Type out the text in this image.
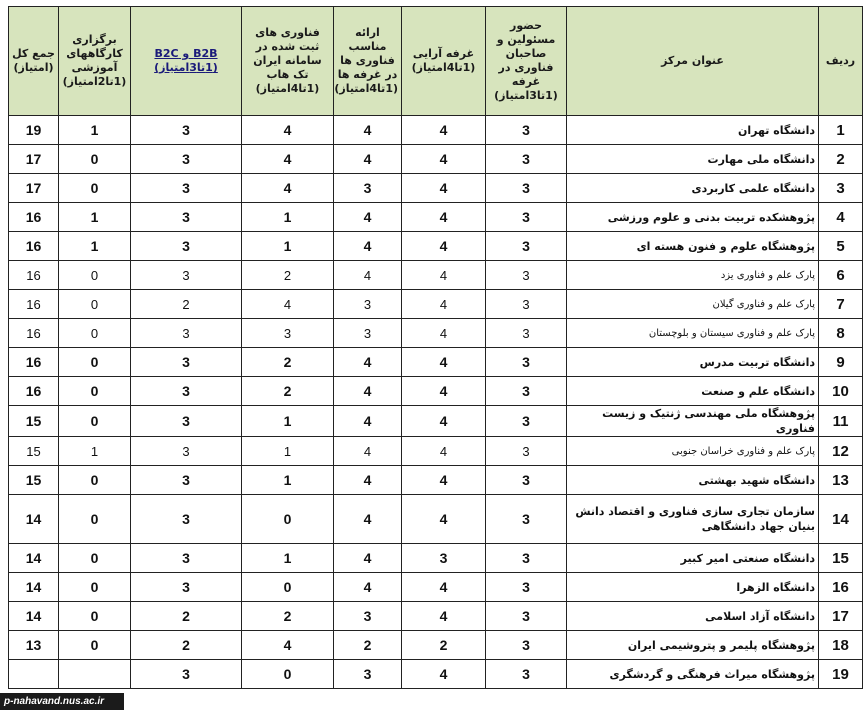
ردیف	عنوان مرکز	حضور مسئولین و صاحبان فناوری در غرفه (1تا3امتیاز)	غرفه آرایی (1تا4امتیاز)	ارائه مناسب فناوری ها در غرفه ها (1تا4امتیاز)	فناوری های ثبت شده در سامانه ایران تک هاب (1تا4امتیاز)	B2B و B2C (1تا3امتیاز)	برگزاری کارگاههای آموزشی (1تا2امتیاز)	جمع کل (امتیاز)
1	دانشگاه تهران	3	4	4	4	3	1	19
2	دانشگاه ملی مهارت	3	4	4	4	3	0	17
3	دانشگاه علمی کاربردی	3	4	3	4	3	0	17
4	پژوهشکده تربیت بدنی و علوم ورزشی	3	4	4	1	3	1	16
5	پژوهشگاه علوم و فنون هسته ای	3	4	4	1	3	1	16
6	پارک علم و فناوری یزد	3	4	4	2	3	0	16
7	پارک علم و فناوری گیلان	3	4	3	4	2	0	16
8	پارک علم و فناوری سیستان و بلوچستان	3	4	3	3	3	0	16
9	دانشگاه تربیت مدرس	3	4	4	2	3	0	16
10	دانشگاه علم و صنعت	3	4	4	2	3	0	16
11	پژوهشگاه ملی مهندسی ژنتیک و زیست فناوری	3	4	4	1	3	0	15
12	پارک علم و فناوری خراسان جنوبی	3	4	4	1	3	1	15
13	دانشگاه شهید بهشتی	3	4	4	1	3	0	15
14	سازمان تجاری سازی فناوری و اقتصاد دانش بنیان جهاد دانشگاهی	3	4	4	0	3	0	14
15	دانشگاه صنعتی امیر کبیر	3	3	4	1	3	0	14
16	دانشگاه الزهرا	3	4	4	0	3	0	14
17	دانشگاه آزاد اسلامی	3	4	3	2	2	0	14
18	پژوهشگاه پلیمر و پتروشیمی ایران	3	2	2	4	2	0	13
19	پژوهشگاه میراث فرهنگی و گردشگری	3	4	3	0	3		
p-nahavand.nus.ac.ir
